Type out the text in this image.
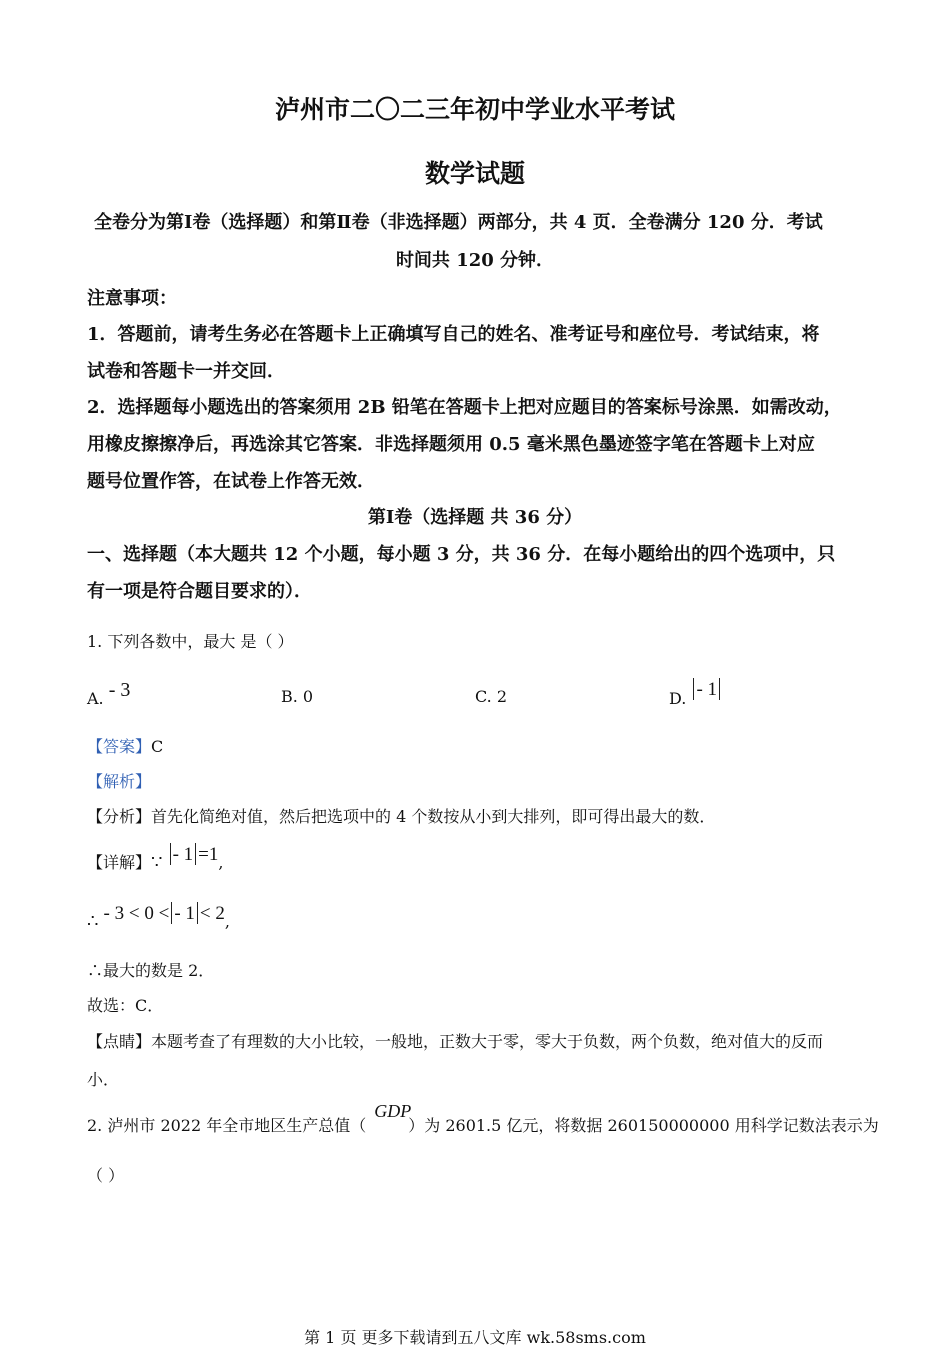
泸州市二〇二三年初中学业水平考试
数学试题
全卷分为第Ⅰ卷（选择题）和第Ⅱ卷（非选择题）两部分，共 4 页．全卷满分 120 分．考试
时间共 120 分钟．
注意事项：
1．答题前，请考生务必在答题卡上正确填写自己的姓名、准考证号和座位号．考试结束，将
试卷和答题卡一并交回．
2．选择题每小题选出的答案须用 2B 铅笔在答题卡上把对应题目的答案标号涂黑．如需改动，
用橡皮擦擦净后，再选涂其它答案．非选择题须用 0.5 毫米黑色墨迹签字笔在答题卡上对应
题号位置作答，在试卷上作答无效．
第Ⅰ卷（选择题 共 36 分）
一、选择题（本大题共 12 个小题，每小题 3 分，共 36 分．在每小题给出的四个选项中，只
有一项是符合题目要求的）．
1. 下列各数中，最大 是（ ）
A. - 3	B. 0	C. 2	D. - 1
【答案】C
【解析】
【分析】首先化简绝对值，然后把选项中的 4 个数按从小到大排列，即可得出最大的数．
【详解】∵ - 1 =1,
∴ - 3 < 0 < - 1 < 2,
∴最大的数是 2．
故选：C．
【点睛】本题考查了有理数的大小比较，一般地，正数大于零，零大于负数，两个负数，绝对值大的反而
小．
2. 泸州市 2022 年全市地区生产总值（GDP）为 2601.5 亿元，将数据 260150000000 用科学记数法表示为
（ ）
第 1 页 更多下载请到五八文库 wk.58sms.com
